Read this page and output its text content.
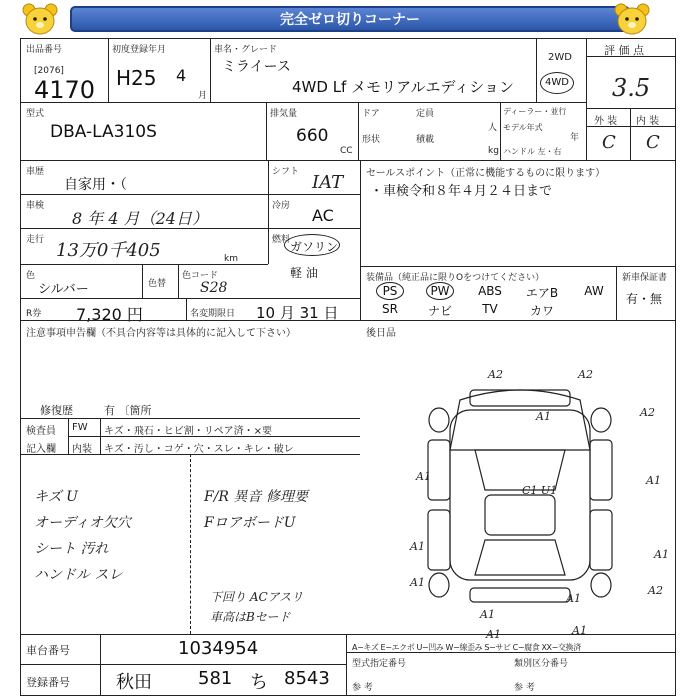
完全ゼロ切りコーナー
出品番号
[2076]
4170
初度登録年月
H25 4
月
車名・グレード
ミライース
4WD Lf メモリアルエディション
2WD
4WD
評 価 点
3.5
型式
DBA-LA310S
排気量
660
CC
ドア	定員
人
形状	積載
kg
ディーラー・並行
モデル年式
年
ハンドル 左・右
外 装 内 装
C C
車歴
自家用・（
シフト IAT
車検
8 年 4 月（24日）
冷房 AC
走行 13万0千405	km
燃料 ガソリン
軽 油
色
シルバー	色替
色コード
S28
R券 7,320 円	名変期限日 10 月 31 日
セールスポイント（正常に機能するものに限ります）
・車検令和８年４月２４日まで
装備品（純正品に限りOをつけてください）	新車保証書
有・無
PS	PW	ABS	エアB	AW
SR	ナビ	TV	カワ
注意事項申告欄（不具合内容等は具体的に記入して下さい）	後日品
修復歴	有 〔箇所
検査員 FW キズ・飛石・ヒビ割・リペア済・×要
記入欄 内装 キズ・汚し・コゲ・穴・スレ・キレ・破レ
キズ U
オーディオ欠穴
シート 汚れ
ハンドル スレ
F/R 異音 修理要
FロアボードU
下回り ACアスリ
車高はBセード
A2	A2
A1	A2
A1	A1
C1 U1
A1
A1
A1
A1
A1
A1
A1
A2
車台番号	1034954
登録番号	秋田	581 ち 8543
A−キズ E−エクボ U−凹み W−線歪み S−サビ C−腐食 XX−交換済
型式指定番号	類別区分番号
参 考	参 考
